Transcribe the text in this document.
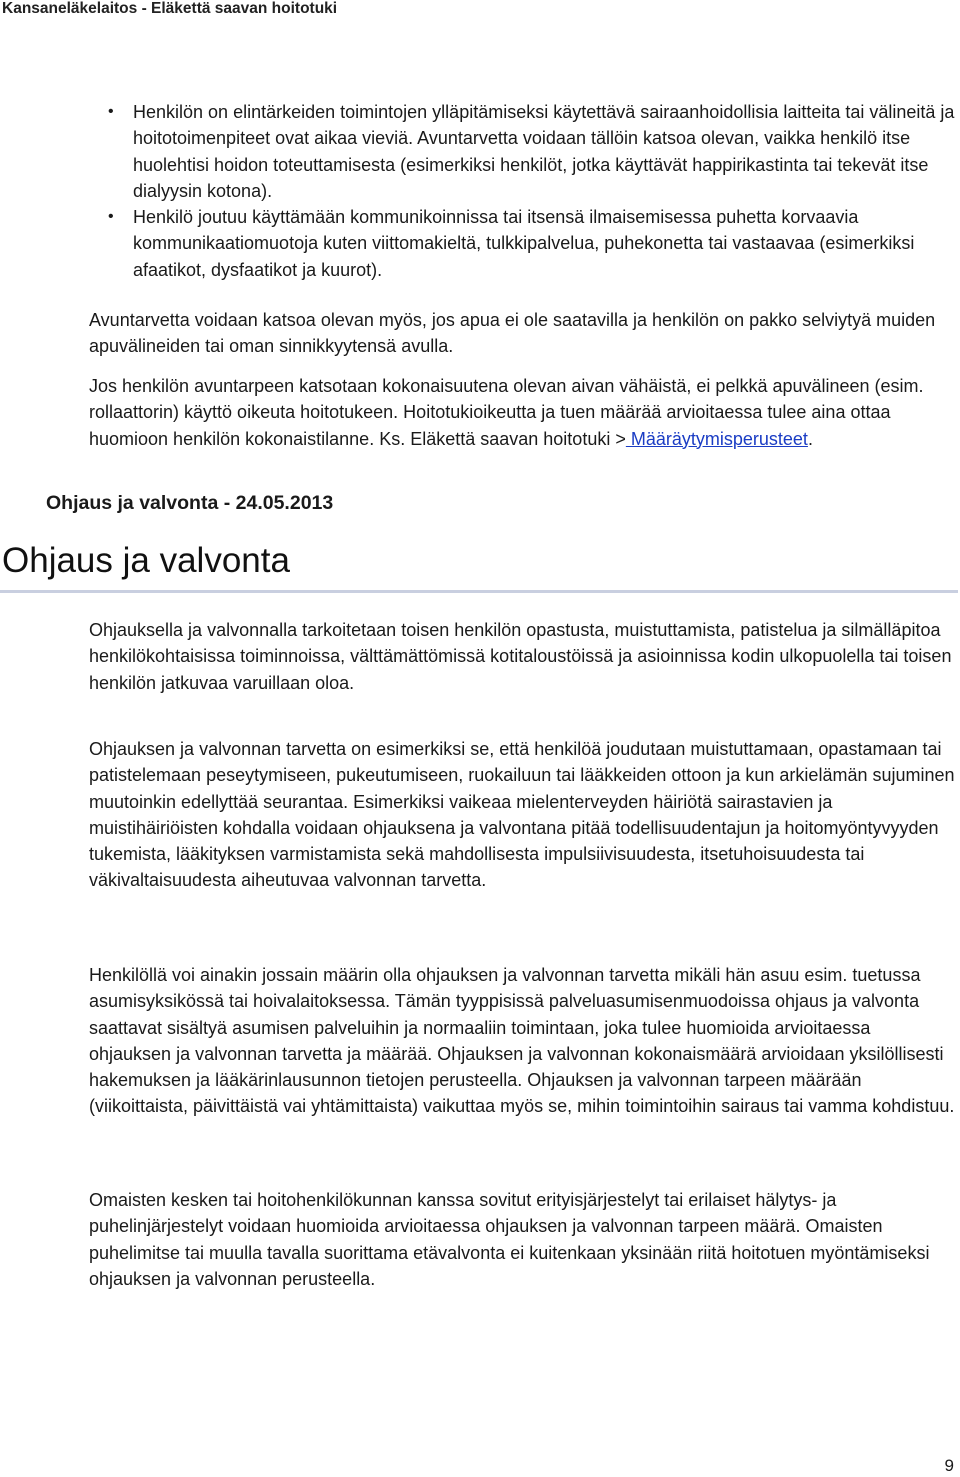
Kansaneläkelaitos - Eläkettä saavan hoitotuki
• Henkilön on elintärkeiden toimintojen ylläpitämiseksi käytettävä sairaanhoidollisia laitteita tai välineitä ja hoitotoimenpiteet ovat aikaa vieviä. Avuntarvetta voidaan tällöin katsoa olevan, vaikka henkilö itse huolehtisi hoidon toteuttamisesta (esimerkiksi henkilöt, jotka käyttävät happirikastinta tai tekevät itse dialyysin kotona).
• Henkilö joutuu käyttämään kommunikoinnissa tai itsensä ilmaisemisessa puhetta korvaavia kommunikaatiomuotoja kuten viittomakieltä, tulkkipalvelua, puhekonetta tai vastaavaa (esimerkiksi afaatikot, dysfaatikot ja kuurot).

Avuntarvetta voidaan katsoa olevan myös, jos apua ei ole saatavilla ja henkilön on pakko selviytyä muiden apuvälineiden tai oman sinnikkyytensä avulla.

Jos henkilön avuntarpeen katsotaan kokonaisuutena olevan aivan vähäistä, ei pelkkä apuvälineen (esim. rollaattorin) käyttö oikeuta hoitotukeen. Hoitotukioikeutta ja tuen määrää arvioitaessa tulee aina ottaa huomioon henkilön kokonaistilanne. Ks. Eläkettä saavan hoitotuki > Määräytymisperusteet.

Ohjaus ja valvonta - 24.05.2013
Ohjaus ja valvonta

Ohjauksella ja valvonnalla tarkoitetaan toisen henkilön opastusta, muistuttamista, patistelua ja silmälläpitoa henkilökohtaisissa toiminnoissa, välttämättömissä kotitaloustöissä ja asioinnissa kodin ulkopuolella tai toisen henkilön jatkuvaa varuillaan oloa.

Ohjauksen ja valvonnan tarvetta on esimerkiksi se, että henkilöä joudutaan muistuttamaan, opastamaan tai patistelemaan peseytymiseen, pukeutumiseen, ruokailuun tai lääkkeiden ottoon ja kun arkielämän sujuminen muutoinkin edellyttää seurantaa. Esimerkiksi vaikeaa mielenterveyden häiriötä sairastavien ja muistihäiriöisten kohdalla voidaan ohjauksena ja valvontana pitää todellisuudentajun ja hoitomyöntyvyyden tukemista, lääkityksen varmistamista sekä mahdollisesta impulsiivisuudesta, itsetuhoisuudesta tai väkivaltaisuudesta aiheutuvaa valvonnan tarvetta.

Henkilöllä voi ainakin jossain määrin olla ohjauksen ja valvonnan tarvetta mikäli hän asuu esim. tuetussa asumisyksikössä tai hoivalaitoksessa. Tämän tyyppisissä palveluasumisenmuodoissa ohjaus ja valvonta saattavat sisältyä asumisen palveluihin ja normaaliin toimintaan, joka tulee huomioida arvioitaessa ohjauksen ja valvonnan tarvetta ja määrää. Ohjauksen ja valvonnan kokonaismäärä arvioidaan yksilöllisesti hakemuksen ja lääkärinlausunnon tietojen perusteella. Ohjauksen ja valvonnan tarpeen määrään (viikoittaista, päivittäistä vai yhtämittaista) vaikuttaa myös se, mihin toimintoihin sairaus tai vamma kohdistuu.

Omaisten kesken tai hoitohenkilökunnan kanssa sovitut erityisjärjestelyt tai erilaiset hälytys- ja puhelinjärjestelyt voidaan huomioida arvioitaessa ohjauksen ja valvonnan tarpeen määrä. Omaisten puhelimitse tai muulla tavalla suorittama etävalvonta ei kuitenkaan yksinään riitä hoitotuen myöntämiseksi ohjauksen ja valvonnan perusteella.

9
